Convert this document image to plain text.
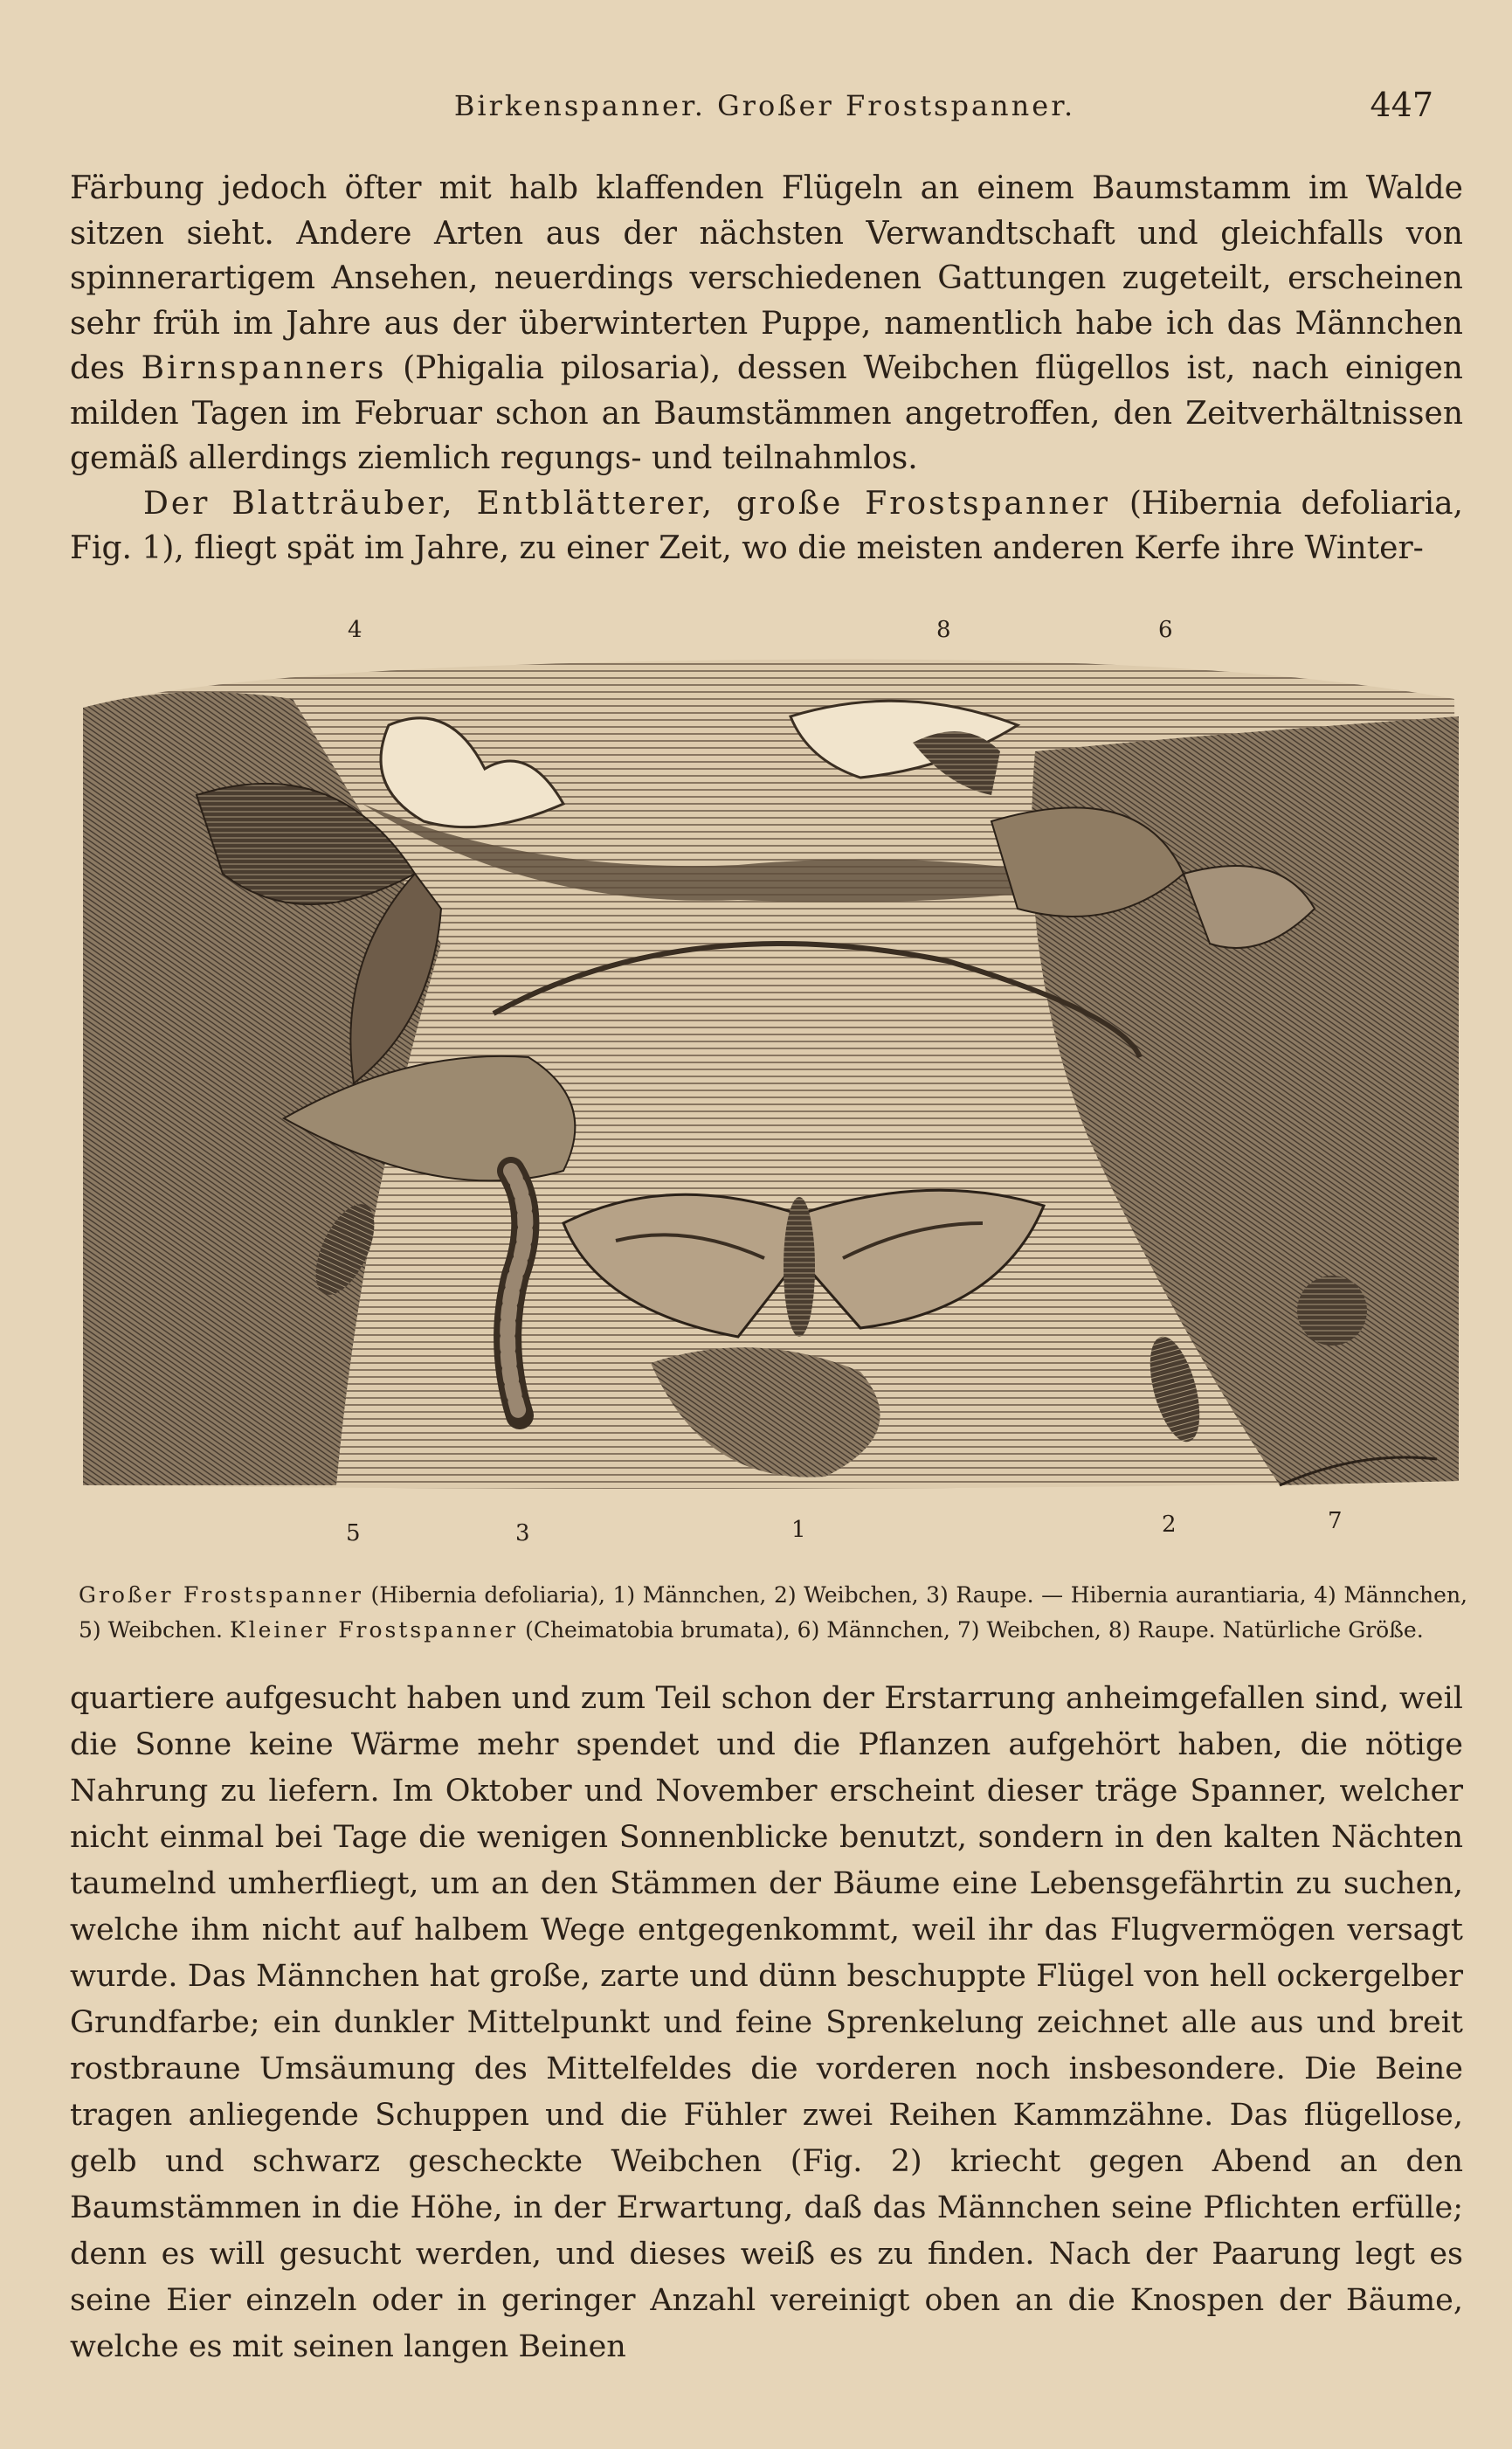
Birkenspanner. Großer Frostspanner.	447

Färbung jedoch öfter mit halb klaffenden Flügeln an einem Baumstamm im Walde sitzen sieht. Andere Arten aus der nächsten Verwandtschaft und gleichfalls von spinnerartigem Ansehen, neuerdings verschiedenen Gattungen zugeteilt, erscheinen sehr früh im Jahre aus der überwinterten Puppe, namentlich habe ich das Männchen des Birnspanners (Phigalia pilosaria), dessen Weibchen flügellos ist, nach einigen milden Tagen im Februar schon an Baumstämmen angetroffen, den Zeitverhältnissen gemäß allerdings ziemlich regungs- und teilnahmlos.

Der Blatträuber, Entblätterer, große Frostspanner (Hibernia defoliaria, Fig. 1), fliegt spät im Jahre, zu einer Zeit, wo die meisten anderen Kerfe ihre Winter-

4	8	6
5	3	1	2	7
Großer Frostspanner (Hibernia defoliaria), 1) Männchen, 2) Weibchen, 3) Raupe. — Hibernia aurantiaria, 4) Männchen, 5) Weibchen. Kleiner Frostspanner (Cheimatobia brumata), 6) Männchen, 7) Weibchen, 8) Raupe. Natürliche Größe.

quartiere aufgesucht haben und zum Teil schon der Erstarrung anheimgefallen sind, weil die Sonne keine Wärme mehr spendet und die Pflanzen aufgehört haben, die nötige Nahrung zu liefern. Im Oktober und November erscheint dieser träge Spanner, welcher nicht einmal bei Tage die wenigen Sonnenblicke benutzt, sondern in den kalten Nächten taumelnd umherfliegt, um an den Stämmen der Bäume eine Lebensgefährtin zu suchen, welche ihm nicht auf halbem Wege entgegenkommt, weil ihr das Flugvermögen versagt wurde. Das Männchen hat große, zarte und dünn beschuppte Flügel von hell ockergelber Grundfarbe; ein dunkler Mittelpunkt und feine Sprenkelung zeichnet alle aus und breit rostbraune Umsäumung des Mittelfeldes die vorderen noch insbesondere. Die Beine tragen anliegende Schuppen und die Fühler zwei Reihen Kammzähne. Das flügellose, gelb und schwarz gescheckte Weibchen (Fig. 2) kriecht gegen Abend an den Baumstämmen in die Höhe, in der Erwartung, daß das Männchen seine Pflichten erfülle; denn es will gesucht werden, und dieses weiß es zu finden. Nach der Paarung legt es seine Eier einzeln oder in geringer Anzahl vereinigt oben an die Knospen der Bäume, welche es mit seinen langen Beinen
